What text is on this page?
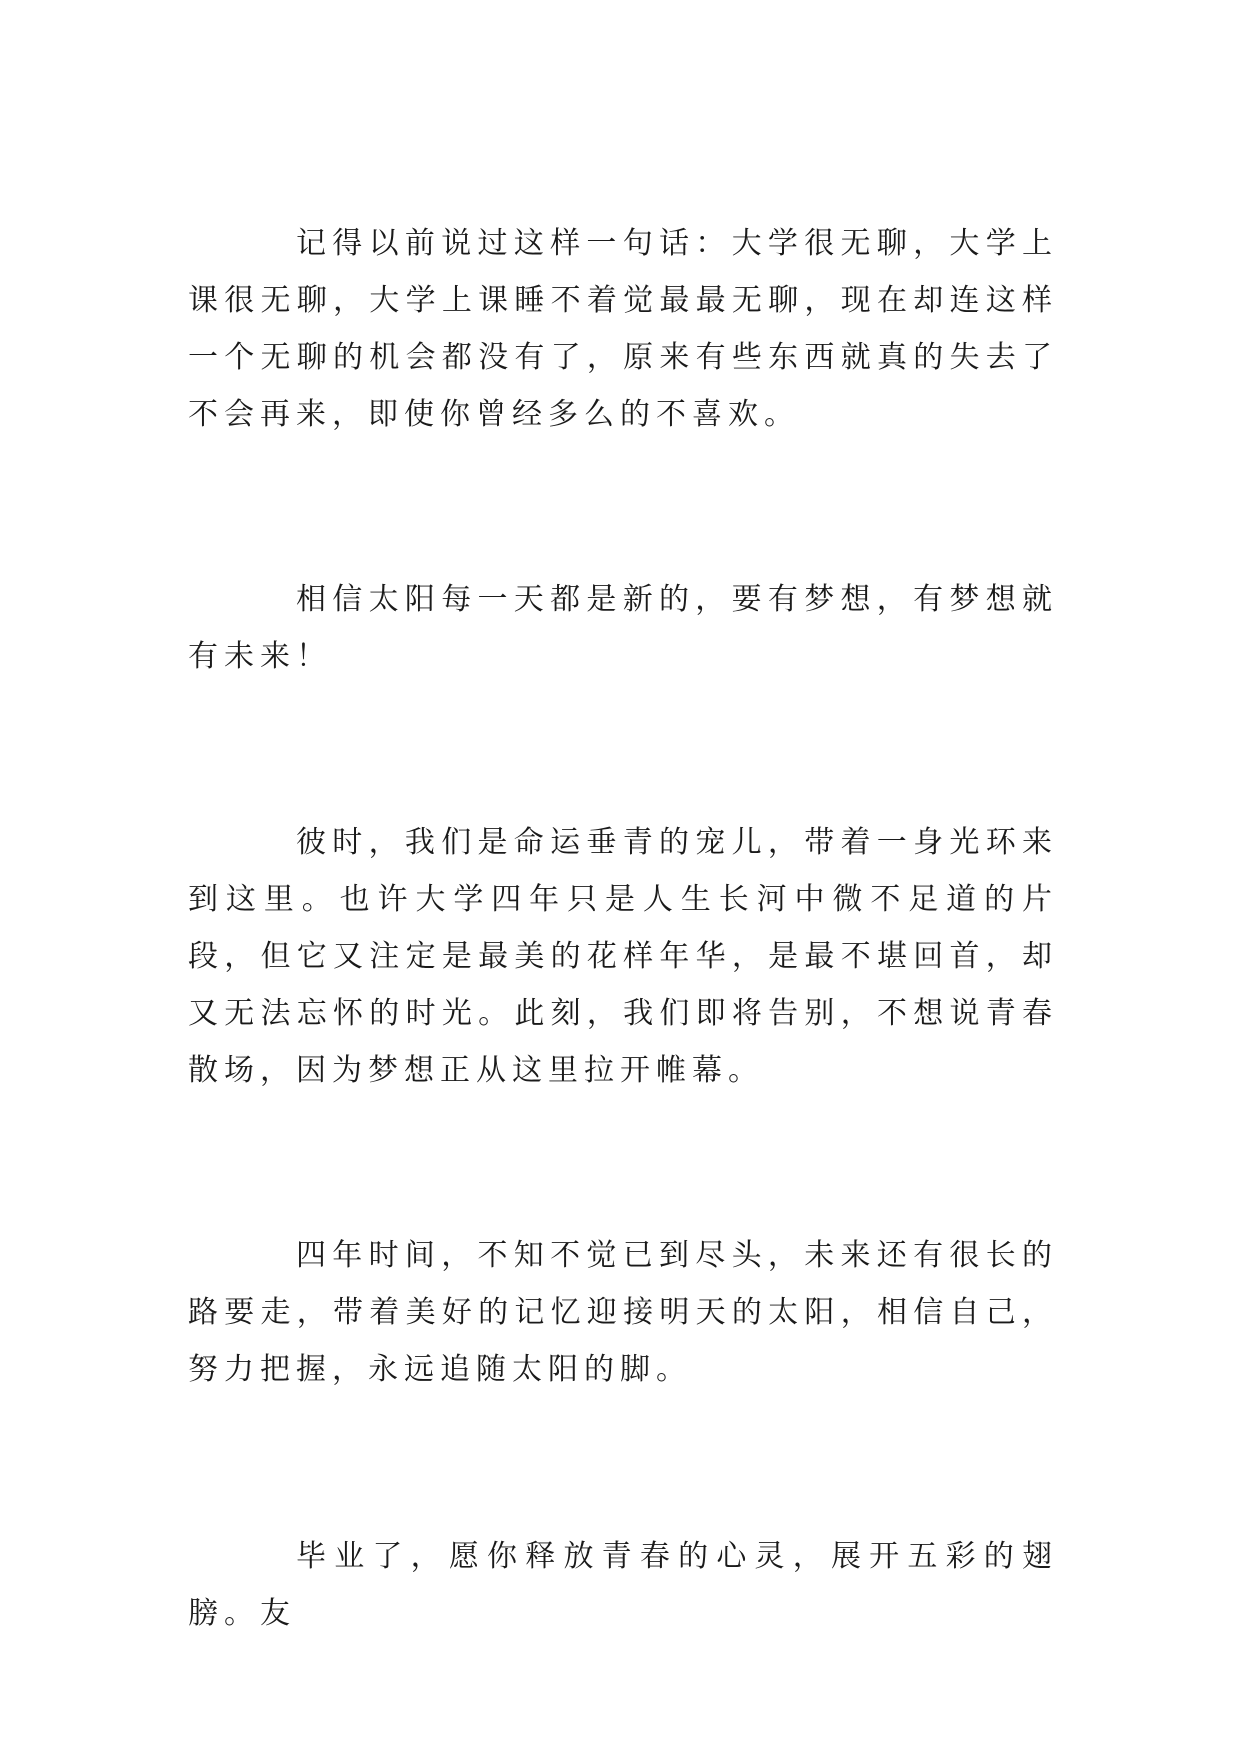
记得以前说过这样一句话：大学很无聊，大学上课很无聊，大学上课睡不着觉最最无聊，现在却连这样一个无聊的机会都没有了，原来有些东西就真的失去了不会再来，即使你曾经多么的不喜欢。

相信太阳每一天都是新的，要有梦想，有梦想就有未来！

彼时，我们是命运垂青的宠儿，带着一身光环来到这里。也许大学四年只是人生长河中微不足道的片段，但它又注定是最美的花样年华，是最不堪回首，却又无法忘怀的时光。此刻，我们即将告别，不想说青春散场，因为梦想正从这里拉开帷幕。

四年时间，不知不觉已到尽头，未来还有很长的路要走，带着美好的记忆迎接明天的太阳，相信自己，努力把握，永远追随太阳的脚。

毕业了，愿你释放青春的心灵，展开五彩的翅膀。友
